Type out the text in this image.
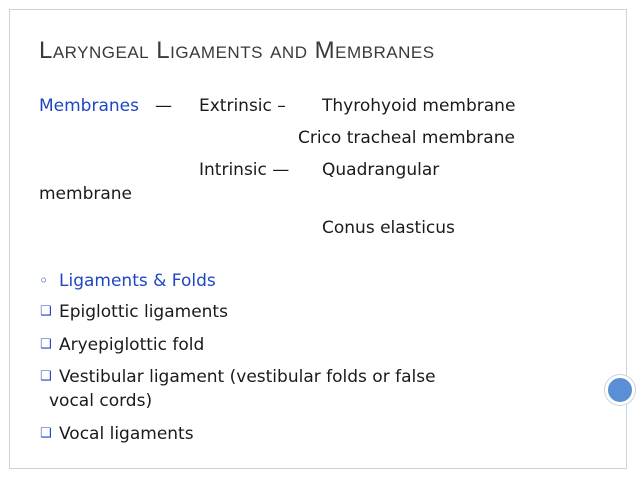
Laryngeal Ligaments and Membranes
Membranes — Extrinsic – Thyrohyoid membrane
Crico tracheal membrane
Intrinsic — Quadrangular
membrane
Conus elasticus
◦ Ligaments & Folds
❑ Epiglottic ligaments
❑ Aryepiglottic fold
❑ Vestibular ligament (vestibular folds or false
vocal cords)
❑ Vocal ligaments
